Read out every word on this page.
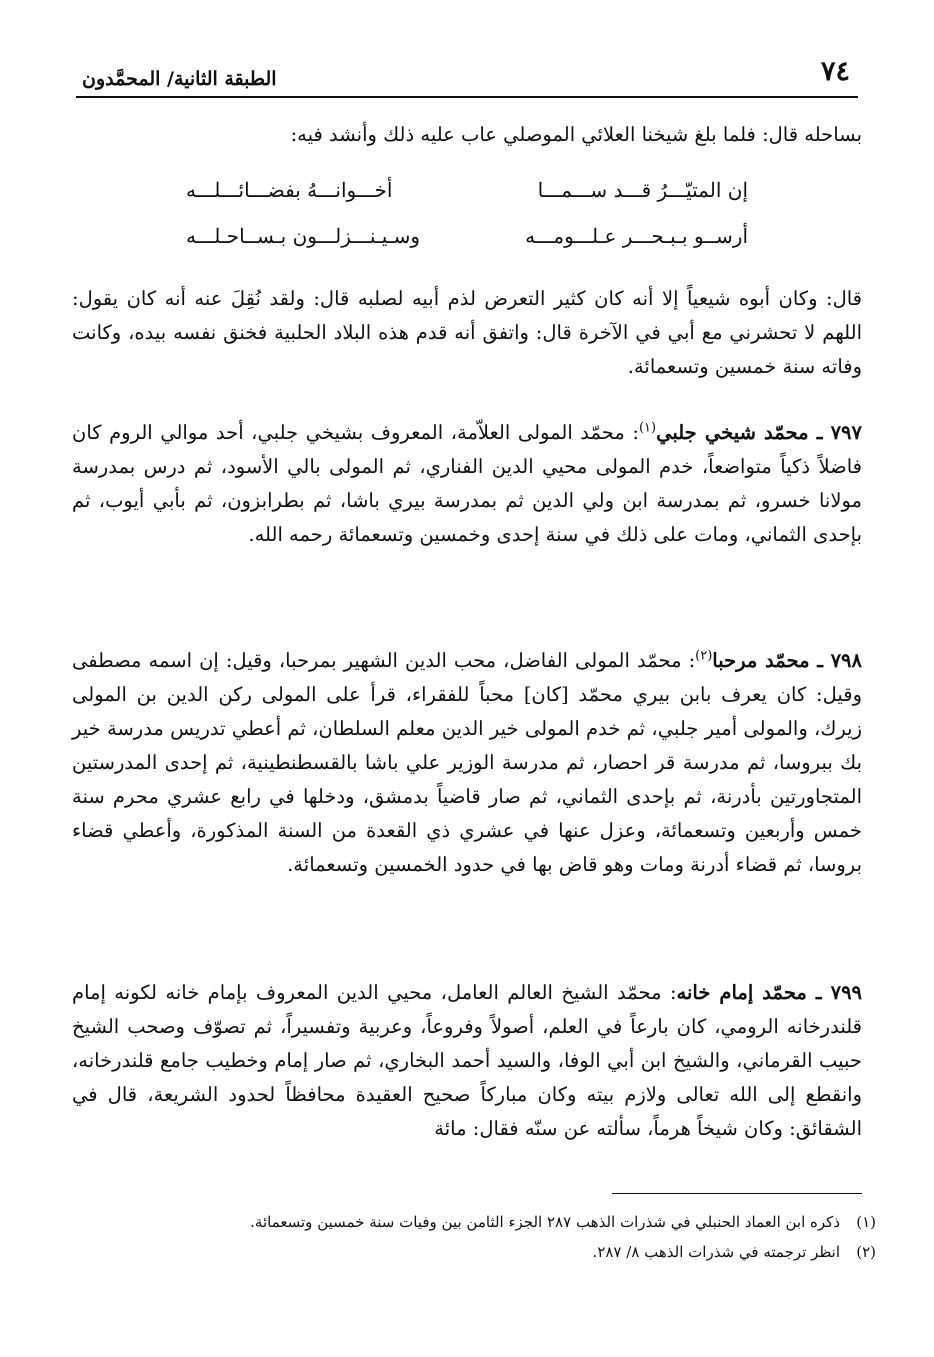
٧٤
الطبقة الثانية/ المحمَّدون

بساحله قال: فلما بلغ شيخنا العلائي الموصلي عاب عليه ذلك وأنشد فيه:

إن المتيّـــرُ قـــد ســـمـــا
أخـــوانـــهُ بفضـــائـــلـــه
أرســو بـبـحـــر عـلـــومـــه
وسـيـنـــزلـــون بـســاحـلـــه

قال: وكان أبوه شيعياً إلا أنه كان كثير التعرض لذم أبيه لصلبه قال: ولقد نُقِلَ عنه أنه كان يقول: اللهم لا تحشرني مع أبي في الآخرة قال: واتفق أنه قدم هذه البلاد الحلبية فخنق نفسه بيده، وكانت وفاته سنة خمسين وتسعمائة.

٧٩٧ ـ محمّد شيخي جلبي$^{(١)}$: محمّد المولى العلاّمة، المعروف بشيخي جلبي، أحد موالي الروم كان فاضلاً ذكياً متواضعاً، خدم المولى محيي الدين الفناري، ثم المولى بالي الأسود، ثم درس بمدرسة مولانا خسرو، ثم بمدرسة ابن ولي الدين ثم بمدرسة بيري باشا، ثم بطرابزون، ثم بأبي أيوب، ثم بإحدى الثماني، ومات على ذلك في سنة إحدى وخمسين وتسعمائة رحمه الله.

٧٩٨ ـ محمّد مرحبا$^{(٢)}$: محمّد المولى الفاضل، محب الدين الشهير بمرحبا، وقيل: إن اسمه مصطفى وقيل: كان يعرف بابن بيري محمّد [كان] محباً للفقراء، قرأ على المولى ركن الدين بن المولى زيرك، والمولى أمير جلبي، ثم خدم المولى خير الدين معلم السلطان، ثم أعطي تدريس مدرسة خير بك ببروسا، ثم مدرسة قر احصار، ثم مدرسة الوزير علي باشا بالقسطنطينية، ثم إحدى المدرستين المتجاورتين بأدرنة، ثم بإحدى الثماني، ثم صار قاضياً بدمشق، ودخلها في رابع عشري محرم سنة خمس وأربعين وتسعمائة، وعزل عنها في عشري ذي القعدة من السنة المذكورة، وأعطي قضاء بروسا، ثم قضاء أدرنة ومات وهو قاض بها في حدود الخمسين وتسعمائة.

٧٩٩ ـ محمّد إمام خانه: محمّد الشيخ العالم العامل، محيي الدين المعروف بإمام خانه لكونه إمام قلندرخانه الرومي، كان بارعاً في العلم، أصولاً وفروعاً، وعربية وتفسيراً، ثم تصوّف وصحب الشيخ حبيب القرماني، والشيخ ابن أبي الوفا، والسيد أحمد البخاري، ثم صار إمام وخطيب جامع قلندرخانه، وانقطع إلى الله تعالى ولازم بيته وكان مباركاً صحيح العقيدة محافظاً لحدود الشريعة، قال في الشقائق: وكان شيخاً هرماً، سألته عن سنّه فقال: مائة

(١)ذكره ابن العماد الحنبلي في شذرات الذهب ٢٨٧ الجزء الثامن بين وفيات سنة خمسين وتسعمائة.
(٢)انظر ترجمته في شذرات الذهب ٨/ ٢٨٧.
